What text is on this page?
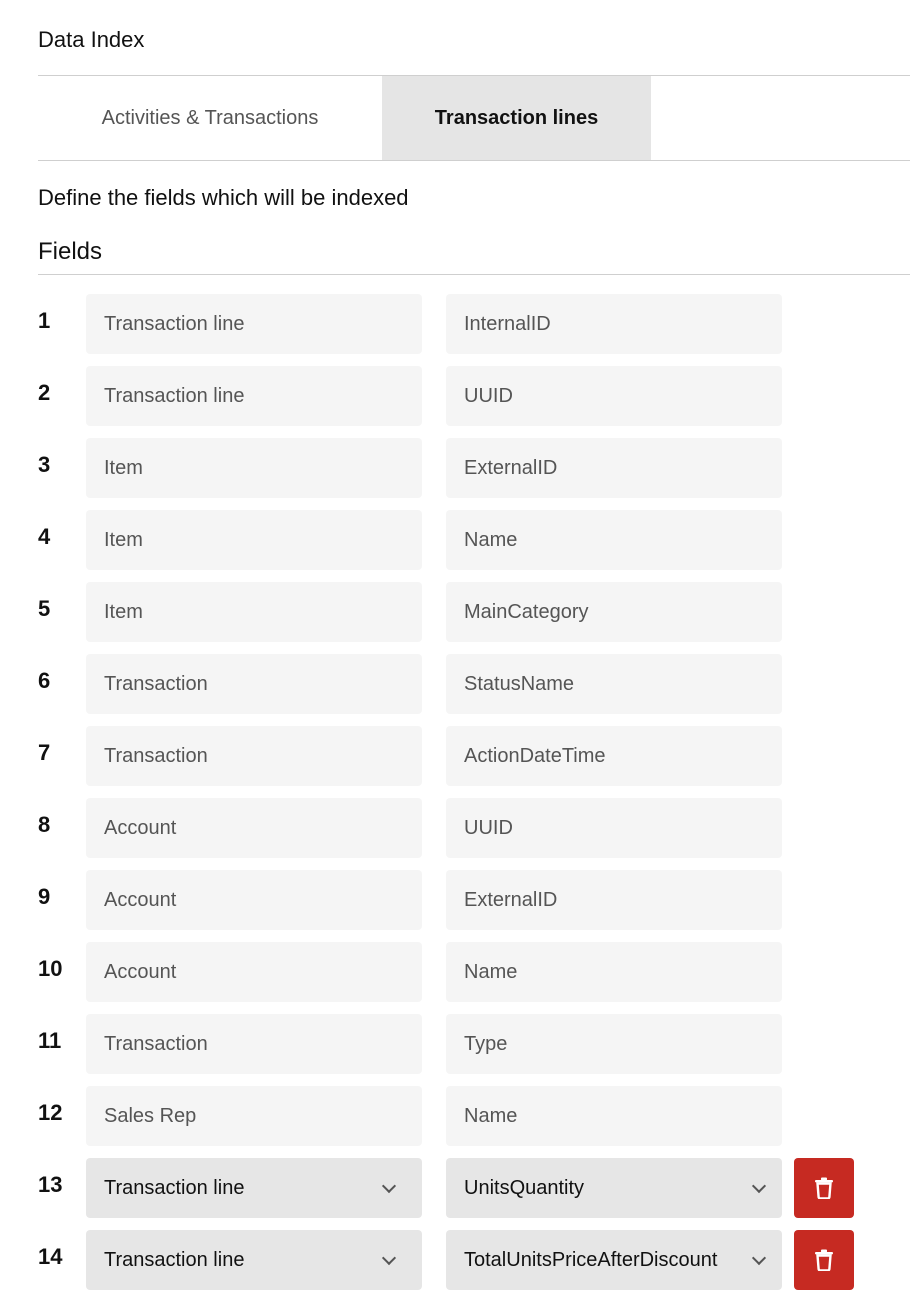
Data Index
Activities & Transactions	Transaction lines
Define the fields which will be indexed
Fields
1	Transaction line	InternalID
2	Transaction line	UUID
3	Item	ExternalID
4	Item	Name
5	Item	MainCategory
6	Transaction	StatusName
7	Transaction	ActionDateTime
8	Account	UUID
9	Account	ExternalID
10	Account	Name
11	Transaction	Type
12	Sales Rep	Name
13 Transaction line	UnitsQuantity
14 Transaction line	TotalUnitsPriceAfterDiscount
